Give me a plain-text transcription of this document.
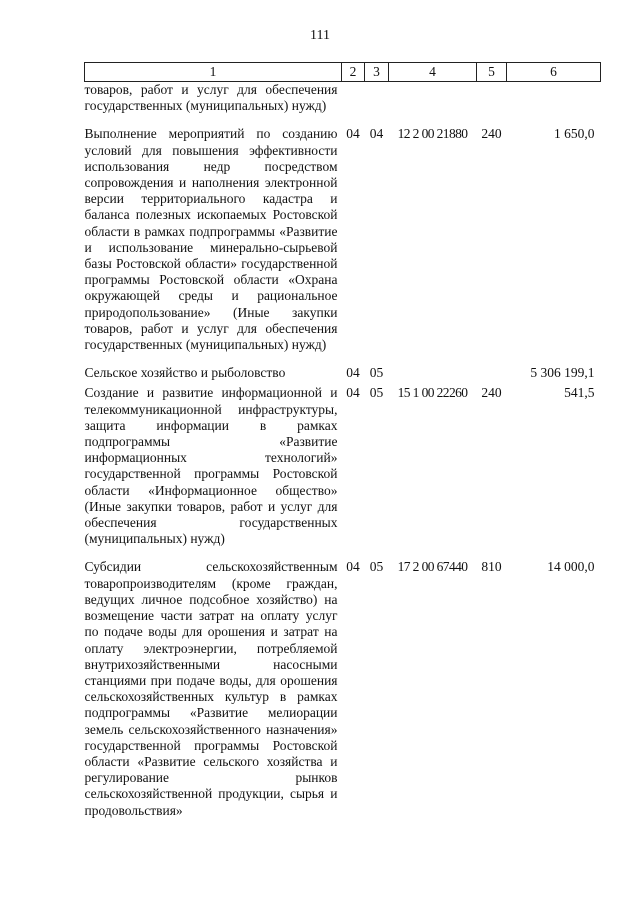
111
1	2	3	4	5	6
товаров, работ и услуг для обеспечения государственных (муниципальных) нужд)					

Выполнение мероприятий по созданию условий для повышения эффективности использования недр посредством сопровождения и наполнения электронной версии территориального кадастра и баланса полезных ископаемых Ростовской области в рамках подпрограммы «Развитие и использование минерально-сырьевой базы Ростовской области» государственной программы Ростовской области «Охрана окружающей среды и рациональное природопользование» (Иные закупки товаров, работ и услуг для обеспечения государственных (муниципальных) нужд)	04	04	12 2 00 21880	240	1 650,0

Сельское хозяйство и рыболовство	04	05			5 306 199,1

Создание и развитие информационной и телекоммуникационной инфраструктуры, защита информации в рамках подпрограммы «Развитие информационных технологий» государственной программы Ростовской области «Информационное общество» (Иные закупки товаров, работ и услуг для обеспечения государственных (муниципальных) нужд)	04	05	15 1 00 22260	240	541,5

Субсидии сельскохозяйственным товаропроизводителям (кроме граждан, ведущих личное подсобное хозяйство) на возмещение части затрат на оплату услуг по подаче воды для орошения и затрат на оплату электроэнергии, потребляемой внутрихозяйственными насосными станциями при подаче воды, для орошения сельскохозяйственных культур в рамках подпрограммы «Развитие мелиорации земель сельскохозяйственного назначения» государственной программы Ростовской области «Развитие сельского хозяйства и регулирование рынков сельскохозяйственной продукции, сырья и продовольствия»	04	05	17 2 00 67440	810	14 000,0
